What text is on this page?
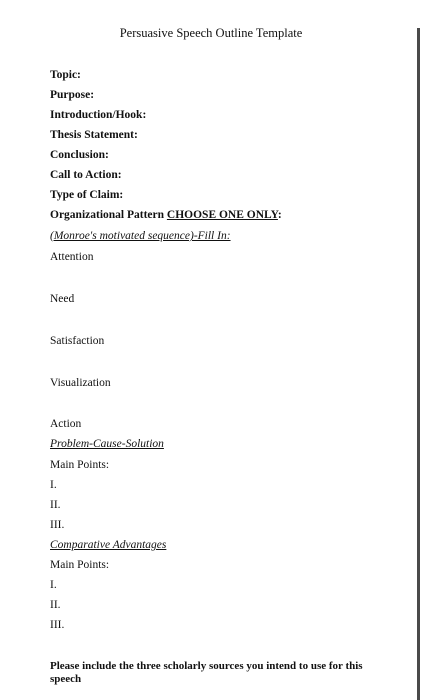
Persuasive Speech Outline Template
Topic:
Purpose:
Introduction/Hook:
Thesis Statement:
Conclusion:
Call to Action:
Type of Claim:
Organizational Pattern CHOOSE ONE ONLY:
(Monroe's motivated sequence)-Fill In:
Attention
Need
Satisfaction
Visualization
Action
Problem-Cause-Solution
Main Points:
I.
II.
III.
Comparative Advantages
Main Points:
I.
II.
III.
Please include the three scholarly sources you intend to use for this speech
